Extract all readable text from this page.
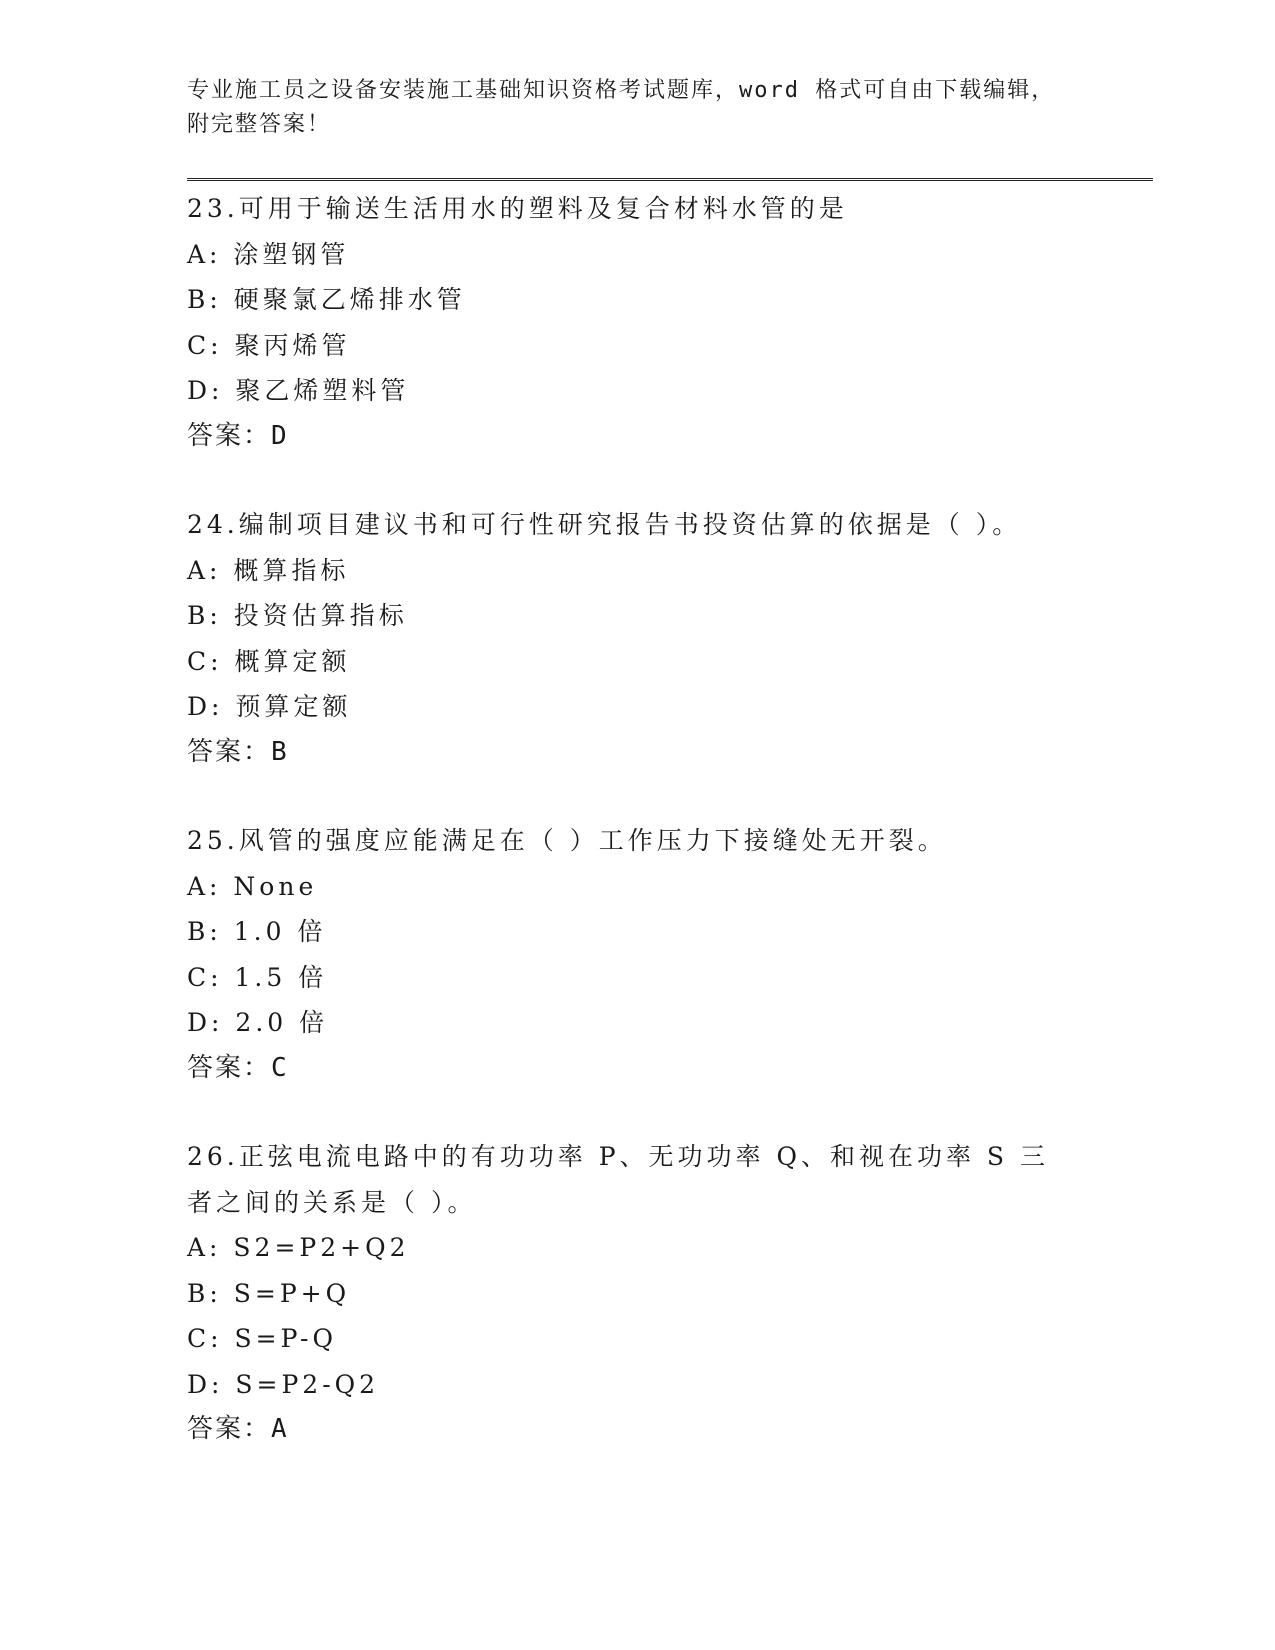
专业施工员之设备安装施工基础知识资格考试题库，word 格式可自由下载编辑，
附完整答案！
23.可用于输送生活用水的塑料及复合材料水管的是
A: 涂塑钢管
B: 硬聚氯乙烯排水管
C: 聚丙烯管
D: 聚乙烯塑料管
答案：D
24.编制项目建议书和可行性研究报告书投资估算的依据是（ ）。
A: 概算指标
B: 投资估算指标
C: 概算定额
D: 预算定额
答案：B
25.风管的强度应能满足在（ ）工作压力下接缝处无开裂。
A: None
B: 1.0 倍
C: 1.5 倍
D: 2.0 倍
答案：C
26.正弦电流电路中的有功功率 P、无功功率 Q、和视在功率 S 三者之间的关系是（ ）。
A: S2=P2+Q2
B: S=P+Q
C: S=P-Q
D: S=P2-Q2
答案：A
